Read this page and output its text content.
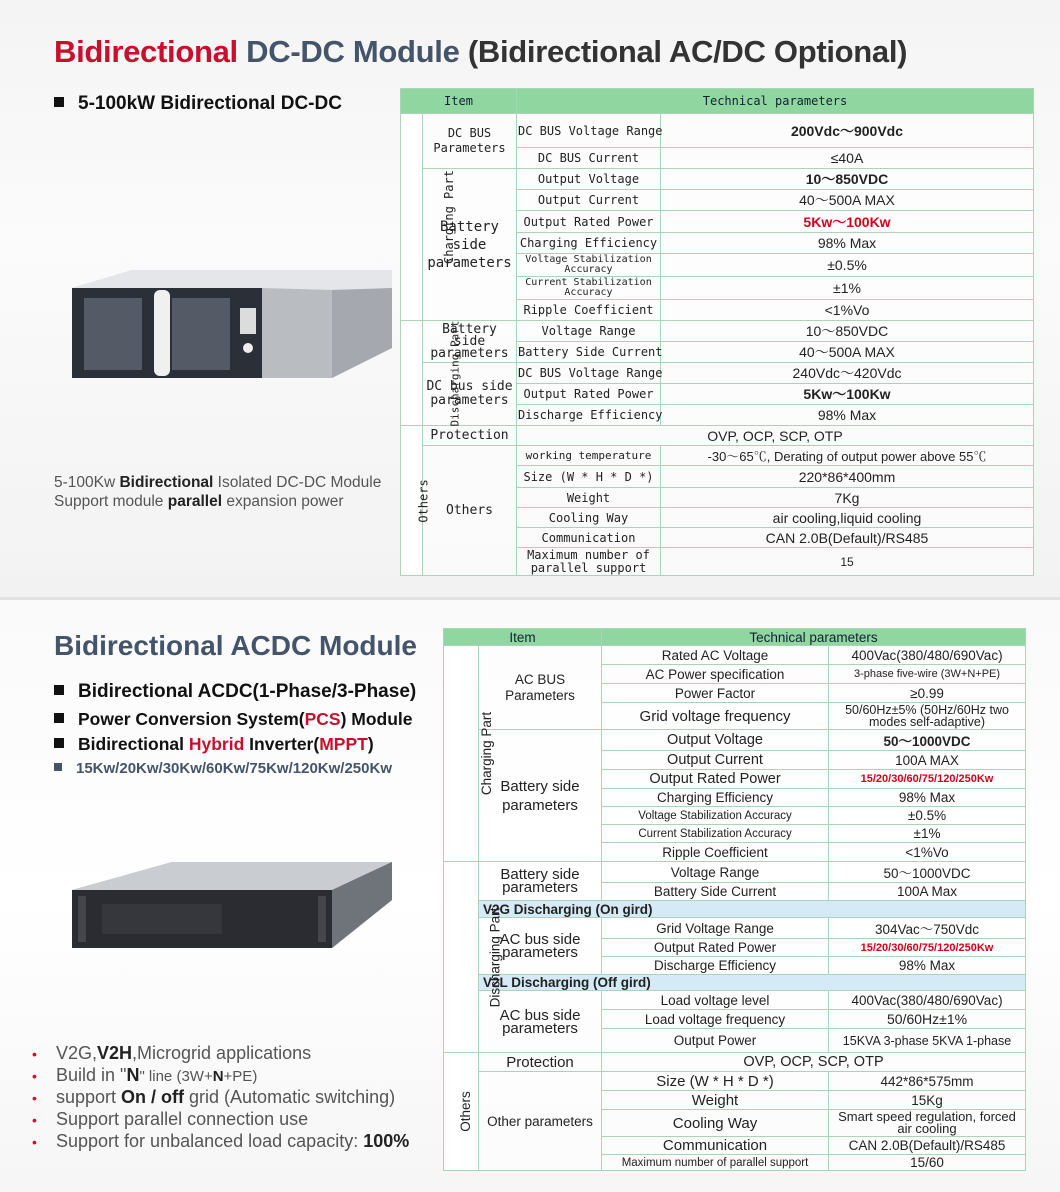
Bidirectional DC-DC Module (Bidirectional AC/DC Optional)
5-100kW Bidirectional DC-DC
5-100Kw Bidirectional Isolated DC-DC Module
Support module parallel expansion power
Item		Technical parameters	
Charging Part	DC BUS Parameters	DC BUS Voltage Range	200Vdc～900Vdc
		DC BUS Current	≤40A
	Battery side parameters	Output Voltage	10～850VDC
		Output Current	40～500A MAX
		Output Rated Power	5Kw～100Kw
		Charging Efficiency	98% Max
		Voltage Stabilization Accuracy	±0.5%
		Current Stabilization Accuracy	±1%
		Ripple Coefficient	<1%Vo

Discharging Part	Battery side parameters	Voltage Range	10～850VDC
		Battery Side Current	40～500A MAX
	DC bus side parameters	DC BUS Voltage Range	240Vdc～420Vdc
		Output Rated Power	5Kw～100Kw
		Discharge Efficiency	98% Max
Others	Protection	OVP, OCP, SCP, OTP	
	Others	working temperature	-30～65℃, Derating of output power above 55℃
		Size (W * H * D *)	220*86*400mm
		Weight	7Kg
		Cooling Way	air cooling,liquid cooling
		Communication	CAN 2.0B(Default)/RS485
		Maximum number of parallel support	15
Bidirectional ACDC Module
Bidirectional ACDC(1-Phase/3-Phase)
Power Conversion System(PCS) Module
Bidirectional Hybrid Inverter(MPPT)
15Kw/20Kw/30Kw/60Kw/75Kw/120Kw/250Kw
• V2G,V2H,Microgrid applications
• Build in "N" line (3W+N+PE)
• support On / off grid (Automatic switching)
• Support parallel connection use
• Support for unbalanced load capacity: 100%
Item		Technical parameters	
Charging Part	AC BUS Parameters	Rated AC Voltage	400Vac(380/480/690Vac)
		AC Power specification	3-phase five-wire (3W+N+PE)
		Power Factor	≥0.99
		Grid voltage frequency	50/60Hz±5% (50Hz/60Hz two modes self-adaptive)
	Battery side parameters	Output Voltage	50～1000VDC
		Output Current	100A MAX
		Output Rated Power	15/20/30/60/75/120/250Kw
		Charging Efficiency	98% Max
		Voltage Stabilization Accuracy	±0.5%
		Current Stabilization Accuracy	±1%
		Ripple Coefficient	<1%Vo
Discharging Part	Battery side parameters	Voltage Range	50～1000VDC
		Battery Side Current	100A Max
	V2G Discharging (On gird)		
	AC bus side parameters	Grid Voltage Range	304Vac～750Vdc
		Output Rated Power	15/20/30/60/75/120/250Kw
		Discharge Efficiency	98% Max
	V2L Discharging (Off gird)		
	AC bus side parameters	Load voltage level	400Vac(380/480/690Vac)
		Load voltage frequency	50/60Hz±1%
		Output Power	15KVA 3-phase 5KVA 1-phase
Others	Protection	OVP, OCP, SCP, OTP	
	Other parameters	Size (W * H * D *)	442*86*575mm
		Weight	15Kg
		Cooling Way	Smart speed regulation, forced air cooling
		Communication	CAN 2.0B(Default)/RS485
		Maximum number of parallel support	15/60
